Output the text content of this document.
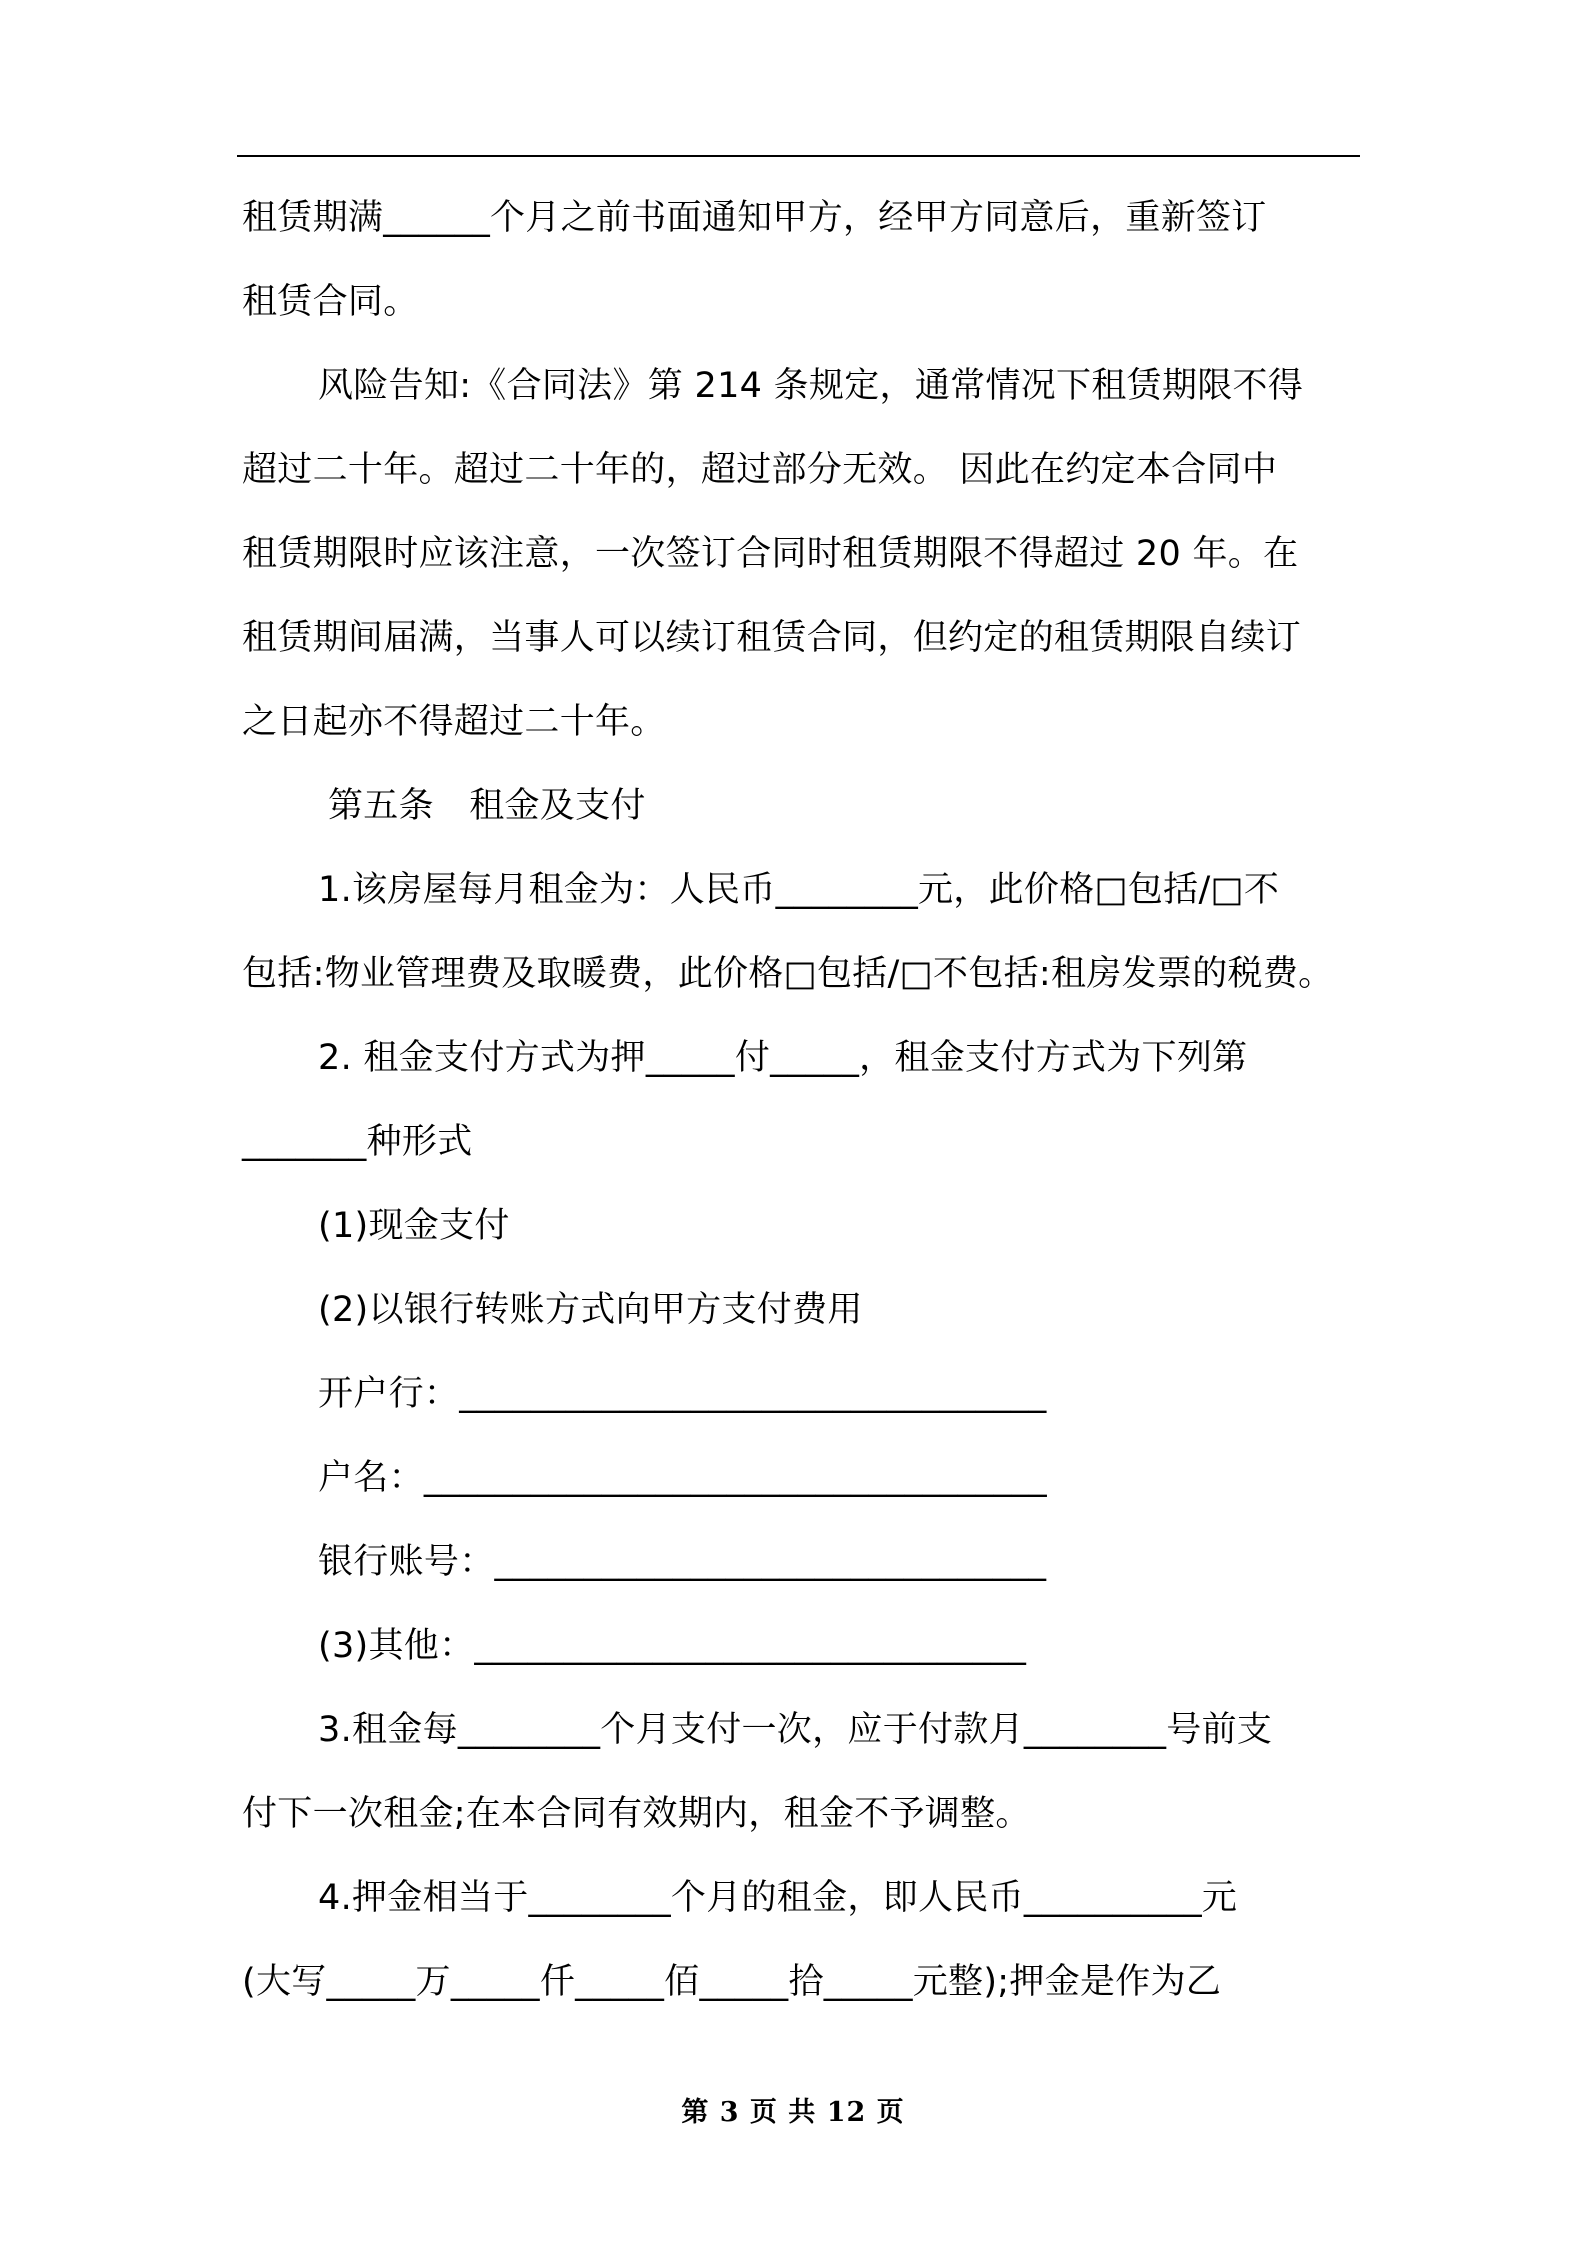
租赁期满______个月之前书面通知甲方，经甲方同意后，重新签订
租赁合同。
风险告知:《合同法》第 214 条规定，通常情况下租赁期限不得
超过二十年。超过二十年的，超过部分无效。 因此在约定本合同中
租赁期限时应该注意，一次签订合同时租赁期限不得超过 20 年。在
租赁期间届满，当事人可以续订租赁合同，但约定的租赁期限自续订
之日起亦不得超过二十年。
第五条　租金及支付
1.该房屋每月租金为：人民币________元，此价格□包括/□不
包括:物业管理费及取暖费，此价格□包括/□不包括:租房发票的税费。
2. 租金支付方式为押_____付_____，租金支付方式为下列第
_______种形式
(1)现金支付
(2)以银行转账方式向甲方支付费用
开户行：_________________________________
户名：___________________________________
银行账号：_______________________________
(3)其他：_______________________________
3.租金每________个月支付一次，应于付款月________号前支
付下一次租金;在本合同有效期内，租金不予调整。
4.押金相当于________个月的租金，即人民币__________元
(大写_____万_____仟_____佰_____拾_____元整);押金是作为乙
第 3 页 共 12 页
